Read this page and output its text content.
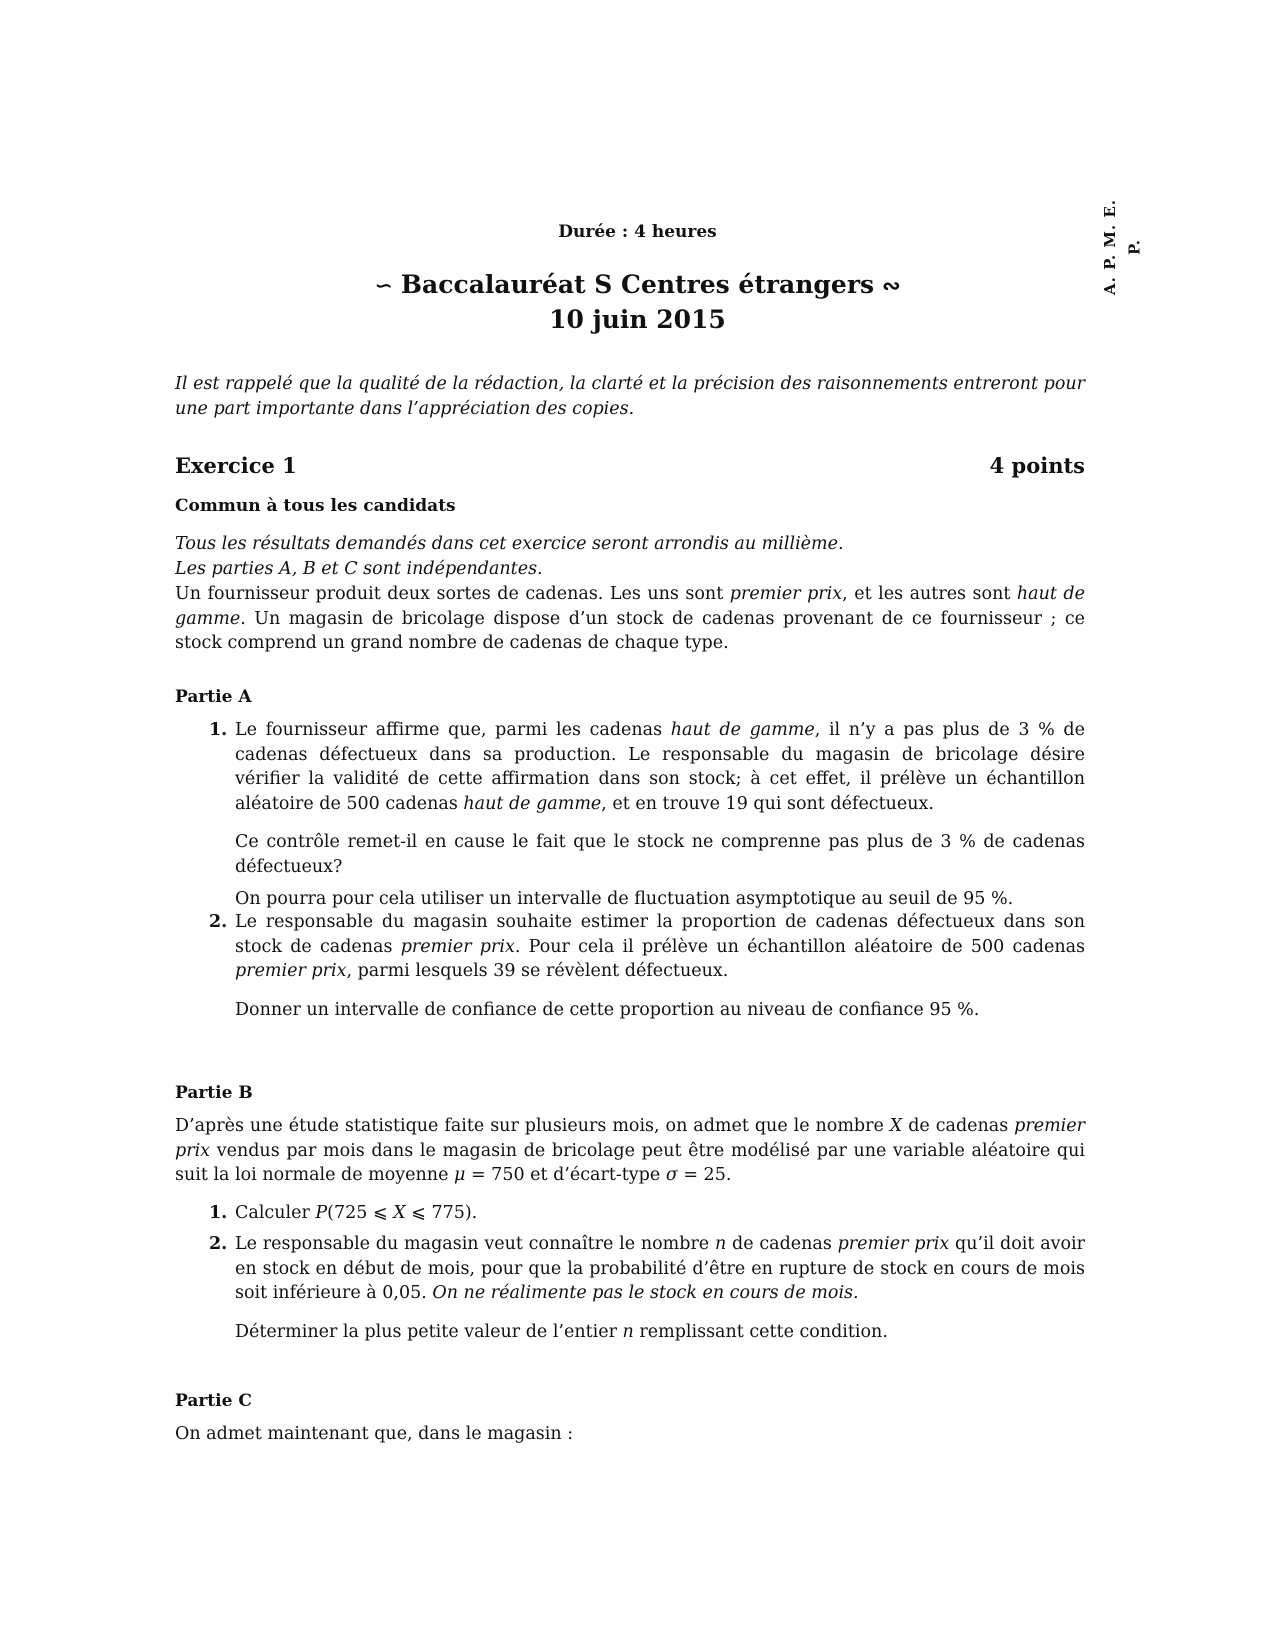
A. P. M. E. P.
Durée : 4 heures
∽ Baccalauréat S Centres étrangers ∾
10 juin 2015
Il est rappelé que la qualité de la rédaction, la clarté et la précision des raisonnements entreront pour une part importante dans l’appréciation des copies.
Exercice 1	4 points
Commun à tous les candidats

Tous les résultats demandés dans cet exercice seront arrondis au millième.

Les parties A, B et C sont indépendantes.

Un fournisseur produit deux sortes de cadenas. Les uns sont premier prix, et les autres sont haut de gamme. Un magasin de bricolage dispose d’un stock de cadenas provenant de ce fournisseur ; ce stock comprend un grand nombre de cadenas de chaque type.
Partie A
1. Le fournisseur affirme que, parmi les cadenas haut de gamme, il n’y a pas plus de 3 % de cadenas défectueux dans sa production. Le responsable du magasin de bricolage désire vérifier la validité de cette affirmation dans son stock; à cet effet, il prélève un échantillon aléatoire de 500 cadenas haut de gamme, et en trouve 19 qui sont défectueux.

Ce contrôle remet-il en cause le fait que le stock ne comprenne pas plus de 3 % de cadenas défectueux?

On pourra pour cela utiliser un intervalle de fluctuation asymptotique au seuil de 95 %.

2. Le responsable du magasin souhaite estimer la proportion de cadenas défectueux dans son stock de cadenas premier prix. Pour cela il prélève un échantillon aléatoire de 500 cadenas premier prix, parmi lesquels 39 se révèlent défectueux.

Donner un intervalle de confiance de cette proportion au niveau de confiance 95 %.

Partie B
D’après une étude statistique faite sur plusieurs mois, on admet que le nombre X de cadenas premier prix vendus par mois dans le magasin de bricolage peut être modélisé par une variable aléatoire qui suit la loi normale de moyenne μ = 750 et d’écart-type σ = 25.
1. Calculer P(725 ⩽ X ⩽ 775).

2. Le responsable du magasin veut connaître le nombre n de cadenas premier prix qu’il doit avoir en stock en début de mois, pour que la probabilité d’être en rupture de stock en cours de mois soit inférieure à 0,05. On ne réalimente pas le stock en cours de mois.

Déterminer la plus petite valeur de l’entier n remplissant cette condition.

Partie C
On admet maintenant que, dans le magasin :
